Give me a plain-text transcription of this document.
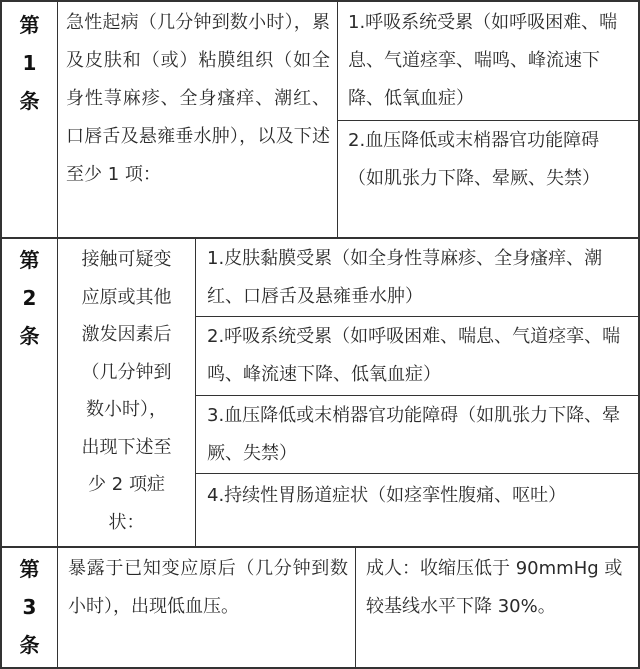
第
1
条
急性起病（几分钟到数小时），累及皮肤和（或）粘膜组织（如全身性荨麻疹、全身瘙痒、潮红、口唇舌及悬雍垂水肿），以及下述至少 1 项：
1.呼吸系统受累（如呼吸困难、喘息、气道痉挛、喘鸣、峰流速下降、低氧血症）
2.血压降低或末梢器官功能障碍（如肌张力下降、晕厥、失禁）
第
2
条
接触可疑变
应原或其他
激发因素后
（几分钟到
数小时），
出现下述至
少 2 项症
状：
1.皮肤黏膜受累（如全身性荨麻疹、全身瘙痒、潮红、口唇舌及悬雍垂水肿）
2.呼吸系统受累（如呼吸困难、喘息、气道痉挛、喘鸣、峰流速下降、低氧血症）
3.血压降低或末梢器官功能障碍（如肌张力下降、晕厥、失禁）
4.持续性胃肠道症状（如痉挛性腹痛、呕吐）
第
3
条
暴露于已知变应原后（几分钟到数小时），出现低血压。
成人：收缩压低于 90mmHg 或较基线水平下降 30%。
